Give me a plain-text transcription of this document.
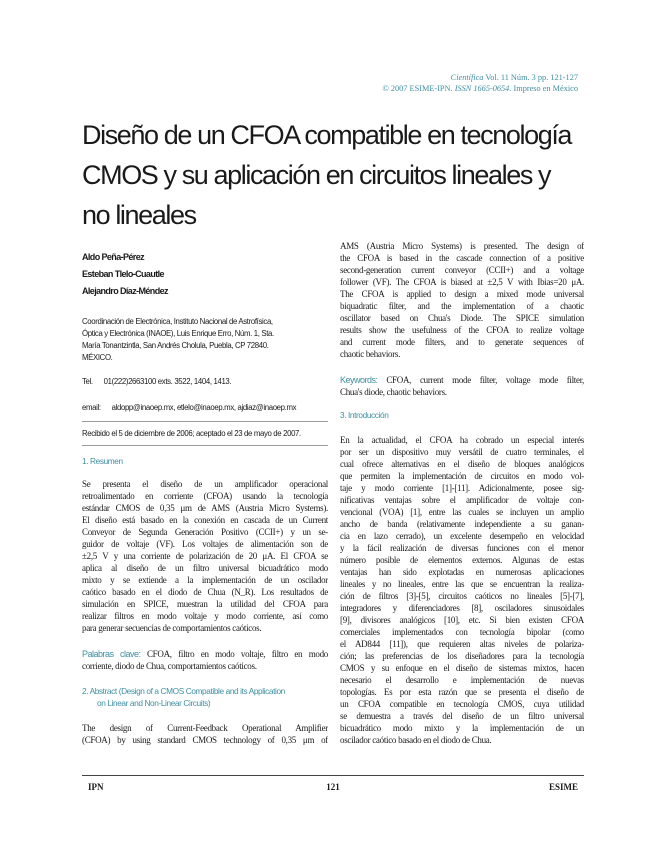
Científica Vol. 11 Núm. 3 pp. 121-127
© 2007 ESIME-IPN. ISSN 1665-0654. Impreso en México
Diseño de un CFOA compatible en tecnología
CMOS y su aplicación en circuitos lineales y
no lineales
Aldo Peña-Pérez
Esteban Tlelo-Cuautle
Alejandro Díaz-Méndez
Coordinación de Electrónica, Instituto Nacional de Astrofísica,
Óptica y Electrónica (INAOE), Luis Enrique Erro, Núm. 1, Sta.
María Tonantzintla, San Andrés Cholula, Puebla, CP 72840.
MÉXICO.
Tel. 01(222)2663100 exts. 3522, 1404, 1413.
email: aldopp@inaoep.mx, etlelo@inaoep.mx, ajdiaz@inaoep.mx
Recibido el 5 de diciembre de 2006; aceptado el 23 de mayo de 2007.
1. Resumen
Se presenta el diseño de un amplificador operacional
retroalimentado en corriente (CFOA) usando la tecnología
estándar CMOS de 0,35 μm de AMS (Austria Micro Systems).
El diseño está basado en la conexión en cascada de un Current
Conveyor de Segunda Generación Positivo (CCII+) y un se-
guidor de voltaje (VF). Los voltajes de alimentación son de
±2,5 V y una corriente de polarización de 20 μA. El CFOA se
aplica al diseño de un filtro universal bicuadrático modo
mixto y se extiende a la implementación de un oscilador
caótico basado en el diodo de Chua (N_R). Los resultados de
simulación en SPICE, muestran la utilidad del CFOA para
realizar filtros en modo voltaje y modo corriente, así como
para generar secuencias de comportamientos caóticos.
Palabras clave: CFOA, filtro en modo voltaje, filtro en modo
corriente, diodo de Chua, comportamientos caóticos.
2. Abstract (Design of a CMOS Compatible and its Application
on Linear and Non-Linear Circuits)
The design of Current-Feedback Operational Amplifier
(CFOA) by using standard CMOS technology of 0,35 μm of
AMS (Austria Micro Systems) is presented. The design of
the CFOA is based in the cascade connection of a positive
second-generation current conveyor (CCII+) and a voltage
follower (VF). The CFOA is biased at ±2,5 V with Ibias=20 μA.
The CFOA is applied to design a mixed mode universal
biquadratic filter, and the implementation of a chaotic
oscillator based on Chua's Diode. The SPICE simulation
results show the usefulness of the CFOA to realize voltage
and current mode filters, and to generate sequences of
chaotic behaviors.
Keywords: CFOA, current mode filter, voltage mode filter,
Chua's diode, chaotic behaviors.
3. Introducción
En la actualidad, el CFOA ha cobrado un especial interés
por ser un dispositivo muy versátil de cuatro terminales, el
cual ofrece alternativas en el diseño de bloques analógicos
que permiten la implementación de circuitos en modo vol-
taje y modo corriente [1]-[11]. Adicionalmente, posee sig-
nificativas ventajas sobre el amplificador de voltaje con-
vencional (VOA) [1], entre las cuales se incluyen un amplio
ancho de banda (relativamente independiente a su ganan-
cia en lazo cerrado), un excelente desempeño en velocidad
y la fácil realización de diversas funciones con el menor
número posible de elementos externos. Algunas de estas
ventajas han sido explotadas en numerosas aplicaciones
lineales y no lineales, entre las que se encuentran la realiza-
ción de filtros [3]-[5], circuitos caóticos no lineales [5]-[7],
integradores y diferenciadores [8], osciladores sinusoidales
[9], divisores analógicos [10], etc. Si bien existen CFOA
comerciales implementados con tecnología bipolar (como
el AD844 [11]), que requieren altas niveles de polariza-
ción; las preferencias de los diseñadores para la tecnología
CMOS y su enfoque en el diseño de sistemas mixtos, hacen
necesario el desarrollo e implementación de nuevas
topologías. Es por esta razón que se presenta el diseño de
un CFOA compatible en tecnología CMOS, cuya utilidad
se demuestra a través del diseño de un filtro universal
bicuadrático modo mixto y la implementación de un
oscilador caótico basado en el diodo de Chua.
IPN	121	ESIME
